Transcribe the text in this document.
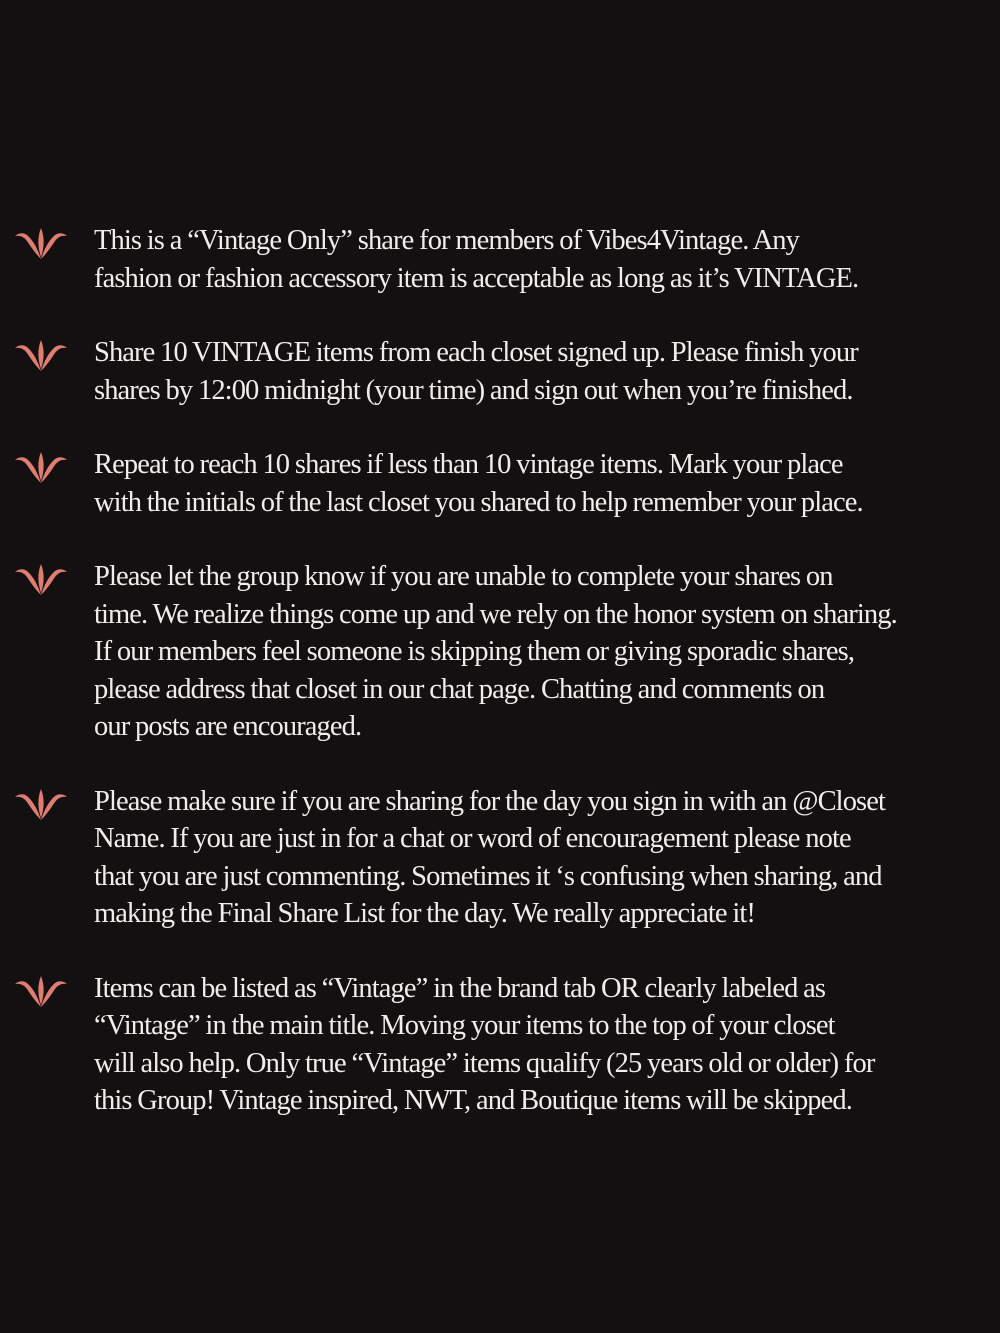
This is a “Vintage Only” share for members of Vibes4Vintage. Any
fashion or fashion accessory item is acceptable as long as it’s VINTAGE.
Share 10 VINTAGE items from each closet signed up. Please finish your
shares by 12:00 midnight (your time) and sign out when you’re finished.
Repeat to reach 10 shares if less than 10 vintage items. Mark your place
with the initials of the last closet you shared to help remember your place.
Please let the group know if you are unable to complete your shares on
time. We realize things come up and we rely on the honor system on sharing.
If our members feel someone is skipping them or giving sporadic shares,
please address that closet in our chat page. Chatting and comments on
our posts are encouraged.
Please make sure if you are sharing for the day you sign in with an @Closet
Name. If you are just in for a chat or word of encouragement please note
that you are just commenting. Sometimes it ‘s confusing when sharing, and
making the Final Share List for the day. We really appreciate it!
Items can be listed as “Vintage” in the brand tab OR clearly labeled as
“Vintage” in the main title. Moving your items to the top of your closet
will also help. Only true “Vintage” items qualify (25 years old or older) for
this Group! Vintage inspired, NWT, and Boutique items will be skipped.
